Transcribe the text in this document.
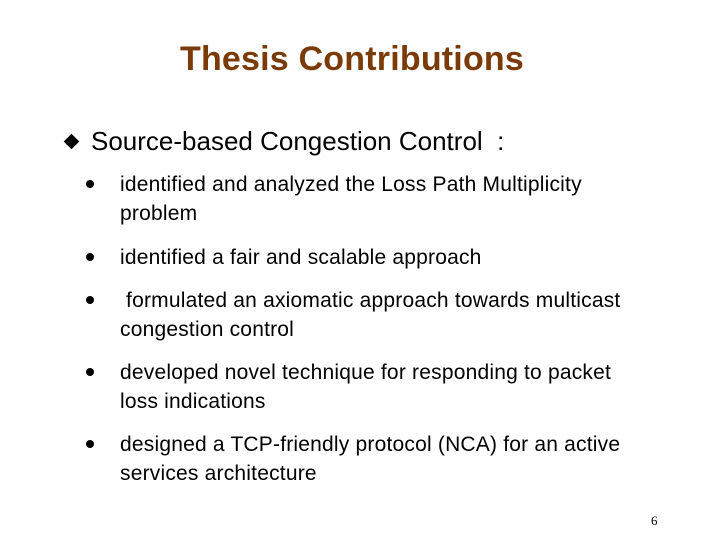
Thesis Contributions
Source-based Congestion Control  :
identified and analyzed the Loss Path Multiplicity problem
identified a fair and scalable approach
formulated an axiomatic approach towards multicast congestion control
developed novel technique for responding to packet loss indications
designed a TCP-friendly protocol (NCA) for an active services architecture
6
